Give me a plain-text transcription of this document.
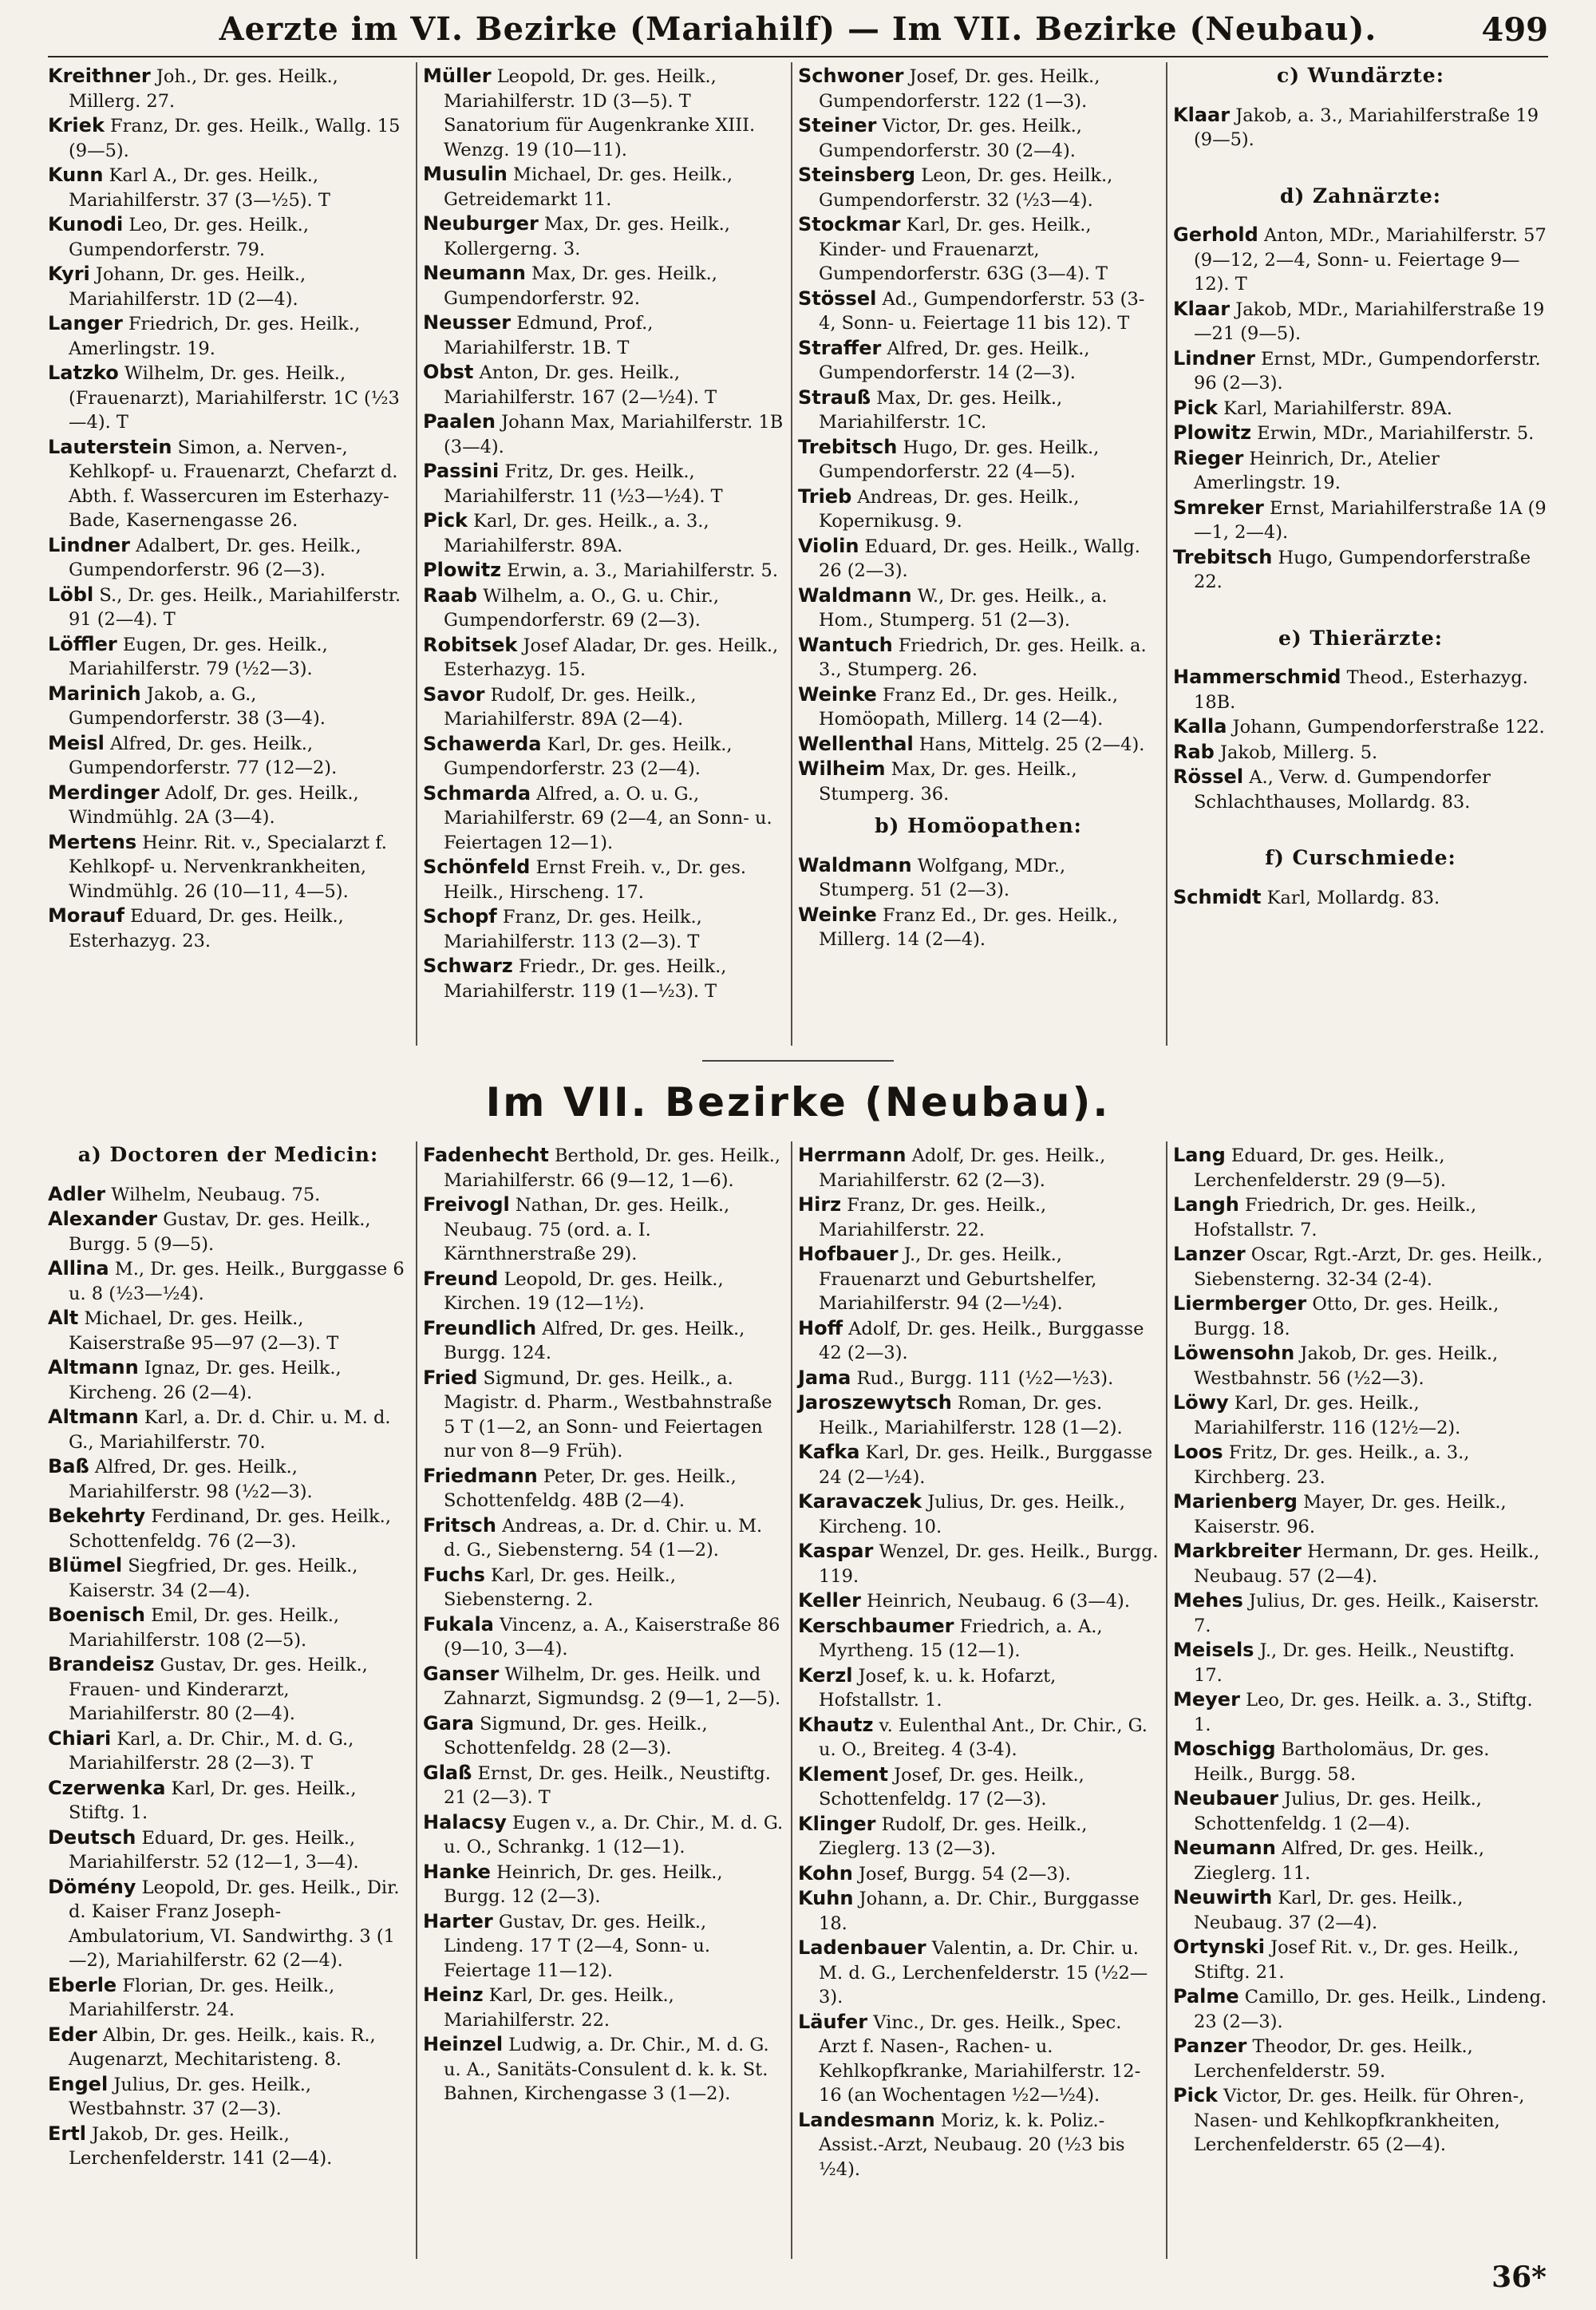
Aerzte im VI. Bezirke (Mariahilf) — Im VII. Bezirke (Neubau).	499

Kreithner Joh., Dr. ges. Heilk., Millerg. 27.

Kriek Franz, Dr. ges. Heilk., Wallg. 15 (9—5).

Kunn Karl A., Dr. ges. Heilk., Mariahilferstr. 37 (3—½5). T

Kunodi Leo, Dr. ges. Heilk., Gumpendorferstr. 79.

Kyri Johann, Dr. ges. Heilk., Mariahilferstr. 1D (2—4).

Langer Friedrich, Dr. ges. Heilk., Amerlingstr. 19.

Latzko Wilhelm, Dr. ges. Heilk., (Frauenarzt), Mariahilferstr. 1C (½3—4). T

Lauterstein Simon, a. Nerven-, Kehlkopf- u. Frauenarzt, Chefarzt d. Abth. f. Wassercuren im Esterhazy-Bade, Kasernengasse 26.

Lindner Adalbert, Dr. ges. Heilk., Gumpendorferstr. 96 (2—3).

Löbl S., Dr. ges. Heilk., Mariahilferstr. 91 (2—4). T

Löffler Eugen, Dr. ges. Heilk., Mariahilferstr. 79 (½2—3).

Marinich Jakob, a. G., Gumpendorferstr. 38 (3—4).

Meisl Alfred, Dr. ges. Heilk., Gumpendorferstr. 77 (12—2).

Merdinger Adolf, Dr. ges. Heilk., Windmühlg. 2A (3—4).

Mertens Heinr. Rit. v., Specialarzt f. Kehlkopf- u. Nervenkrankheiten, Windmühlg. 26 (10—11, 4—5).

Morauf Eduard, Dr. ges. Heilk., Esterhazyg. 23.

Müller Leopold, Dr. ges. Heilk., Mariahilferstr. 1D (3—5). T Sanatorium für Augenkranke XIII. Wenzg. 19 (10—11).

Musulin Michael, Dr. ges. Heilk., Getreidemarkt 11.

Neuburger Max, Dr. ges. Heilk., Kollergerng. 3.

Neumann Max, Dr. ges. Heilk., Gumpendorferstr. 92.

Neusser Edmund, Prof., Mariahilferstr. 1B. T

Obst Anton, Dr. ges. Heilk., Mariahilferstr. 167 (2—½4). T

Paalen Johann Max, Mariahilferstr. 1B (3—4).

Passini Fritz, Dr. ges. Heilk., Mariahilferstr. 11 (½3—½4). T

Pick Karl, Dr. ges. Heilk., a. 3., Mariahilferstr. 89A.

Plowitz Erwin, a. 3., Mariahilferstr. 5.

Raab Wilhelm, a. O., G. u. Chir., Gumpendorferstr. 69 (2—3).

Robitsek Josef Aladar, Dr. ges. Heilk., Esterhazyg. 15.

Savor Rudolf, Dr. ges. Heilk., Mariahilferstr. 89A (2—4).

Schawerda Karl, Dr. ges. Heilk., Gumpendorferstr. 23 (2—4).

Schmarda Alfred, a. O. u. G., Mariahilferstr. 69 (2—4, an Sonn- u. Feiertagen 12—1).

Schönfeld Ernst Freih. v., Dr. ges. Heilk., Hirscheng. 17.

Schopf Franz, Dr. ges. Heilk., Mariahilferstr. 113 (2—3). T

Schwarz Friedr., Dr. ges. Heilk., Mariahilferstr. 119 (1—½3). T

Schwoner Josef, Dr. ges. Heilk., Gumpendorferstr. 122 (1—3).

Steiner Victor, Dr. ges. Heilk., Gumpendorferstr. 30 (2—4).

Steinsberg Leon, Dr. ges. Heilk., Gumpendorferstr. 32 (½3—4).

Stockmar Karl, Dr. ges. Heilk., Kinder- und Frauenarzt, Gumpendorferstr. 63G (3—4). T

Stössel Ad., Gumpendorferstr. 53 (3-4, Sonn- u. Feiertage 11 bis 12). T

Straffer Alfred, Dr. ges. Heilk., Gumpendorferstr. 14 (2—3).

Strauß Max, Dr. ges. Heilk., Mariahilferstr. 1C.

Trebitsch Hugo, Dr. ges. Heilk., Gumpendorferstr. 22 (4—5).

Trieb Andreas, Dr. ges. Heilk., Kopernikusg. 9.

Violin Eduard, Dr. ges. Heilk., Wallg. 26 (2—3).

Waldmann W., Dr. ges. Heilk., a. Hom., Stumperg. 51 (2—3).

Wantuch Friedrich, Dr. ges. Heilk. a. 3., Stumperg. 26.

Weinke Franz Ed., Dr. ges. Heilk., Homöopath, Millerg. 14 (2—4).

Wellenthal Hans, Mittelg. 25 (2—4).

Wilheim Max, Dr. ges. Heilk., Stumperg. 36.

b) Homöopathen:

Waldmann Wolfgang, MDr., Stumperg. 51 (2—3).

Weinke Franz Ed., Dr. ges. Heilk., Millerg. 14 (2—4).

c) Wundärzte:

Klaar Jakob, a. 3., Mariahilferstraße 19 (9—5).

d) Zahnärzte:

Gerhold Anton, MDr., Mariahilferstr. 57 (9—12, 2—4, Sonn- u. Feiertage 9—12). T

Klaar Jakob, MDr., Mariahilferstraße 19—21 (9—5).

Lindner Ernst, MDr., Gumpendorferstr. 96 (2—3).

Pick Karl, Mariahilferstr. 89A.

Plowitz Erwin, MDr., Mariahilferstr. 5.

Rieger Heinrich, Dr., Atelier Amerlingstr. 19.

Smreker Ernst, Mariahilferstraße 1A (9—1, 2—4).

Trebitsch Hugo, Gumpendorferstraße 22.

e) Thierärzte:

Hammerschmid Theod., Esterhazyg. 18B.

Kalla Johann, Gumpendorferstraße 122.

Rab Jakob, Millerg. 5.

Rössel A., Verw. d. Gumpendorfer Schlachthauses, Mollardg. 83.

f) Curschmiede:

Schmidt Karl, Mollardg. 83.

Im VII. Bezirke (Neubau).
a) Doctoren der Medicin:

Adler Wilhelm, Neubaug. 75.

Alexander Gustav, Dr. ges. Heilk., Burgg. 5 (9—5).

Allina M., Dr. ges. Heilk., Burggasse 6 u. 8 (½3—½4).

Alt Michael, Dr. ges. Heilk., Kaiserstraße 95—97 (2—3). T

Altmann Ignaz, Dr. ges. Heilk., Kircheng. 26 (2—4).

Altmann Karl, a. Dr. d. Chir. u. M. d. G., Mariahilferstr. 70.

Baß Alfred, Dr. ges. Heilk., Mariahilferstr. 98 (½2—3).

Bekehrty Ferdinand, Dr. ges. Heilk., Schottenfeldg. 76 (2—3).

Blümel Siegfried, Dr. ges. Heilk., Kaiserstr. 34 (2—4).

Boenisch Emil, Dr. ges. Heilk., Mariahilferstr. 108 (2—5).

Brandeisz Gustav, Dr. ges. Heilk., Frauen- und Kinderarzt, Mariahilferstr. 80 (2—4).

Chiari Karl, a. Dr. Chir., M. d. G., Mariahilferstr. 28 (2—3). T

Czerwenka Karl, Dr. ges. Heilk., Stiftg. 1.

Deutsch Eduard, Dr. ges. Heilk., Mariahilferstr. 52 (12—1, 3—4).

Dömény Leopold, Dr. ges. Heilk., Dir. d. Kaiser Franz Joseph-Ambulatorium, VI. Sandwirthg. 3 (1—2), Mariahilferstr. 62 (2—4).

Eberle Florian, Dr. ges. Heilk., Mariahilferstr. 24.

Eder Albin, Dr. ges. Heilk., kais. R., Augenarzt, Mechitaristeng. 8.

Engel Julius, Dr. ges. Heilk., Westbahnstr. 37 (2—3).

Ertl Jakob, Dr. ges. Heilk., Lerchenfelderstr. 141 (2—4).

Fadenhecht Berthold, Dr. ges. Heilk., Mariahilferstr. 66 (9—12, 1—6).

Freivogl Nathan, Dr. ges. Heilk., Neubaug. 75 (ord. a. I. Kärnthnerstraße 29).

Freund Leopold, Dr. ges. Heilk., Kirchen. 19 (12—1½).

Freundlich Alfred, Dr. ges. Heilk., Burgg. 124.

Fried Sigmund, Dr. ges. Heilk., a. Magistr. d. Pharm., Westbahnstraße 5 T (1—2, an Sonn- und Feiertagen nur von 8—9 Früh).

Friedmann Peter, Dr. ges. Heilk., Schottenfeldg. 48B (2—4).

Fritsch Andreas, a. Dr. d. Chir. u. M. d. G., Siebensterng. 54 (1—2).

Fuchs Karl, Dr. ges. Heilk., Siebensterng. 2.

Fukala Vincenz, a. A., Kaiserstraße 86 (9—10, 3—4).

Ganser Wilhelm, Dr. ges. Heilk. und Zahnarzt, Sigmundsg. 2 (9—1, 2—5).

Gara Sigmund, Dr. ges. Heilk., Schottenfeldg. 28 (2—3).

Glaß Ernst, Dr. ges. Heilk., Neustiftg. 21 (2—3). T

Halacsy Eugen v., a. Dr. Chir., M. d. G. u. O., Schrankg. 1 (12—1).

Hanke Heinrich, Dr. ges. Heilk., Burgg. 12 (2—3).

Harter Gustav, Dr. ges. Heilk., Lindeng. 17 T (2—4, Sonn- u. Feiertage 11—12).

Heinz Karl, Dr. ges. Heilk., Mariahilferstr. 22.

Heinzel Ludwig, a. Dr. Chir., M. d. G. u. A., Sanitäts-Consulent d. k. k. St. Bahnen, Kirchengasse 3 (1—2).

Herrmann Adolf, Dr. ges. Heilk., Mariahilferstr. 62 (2—3).

Hirz Franz, Dr. ges. Heilk., Mariahilferstr. 22.

Hofbauer J., Dr. ges. Heilk., Frauenarzt und Geburtshelfer, Mariahilferstr. 94 (2—½4).

Hoff Adolf, Dr. ges. Heilk., Burggasse 42 (2—3).

Jama Rud., Burgg. 111 (½2—½3).

Jaroszewytsch Roman, Dr. ges. Heilk., Mariahilferstr. 128 (1—2).

Kafka Karl, Dr. ges. Heilk., Burggasse 24 (2—½4).

Karavaczek Julius, Dr. ges. Heilk., Kircheng. 10.

Kaspar Wenzel, Dr. ges. Heilk., Burgg. 119.

Keller Heinrich, Neubaug. 6 (3—4).

Kerschbaumer Friedrich, a. A., Myrtheng. 15 (12—1).

Kerzl Josef, k. u. k. Hofarzt, Hofstallstr. 1.

Khautz v. Eulenthal Ant., Dr. Chir., G. u. O., Breiteg. 4 (3-4).

Klement Josef, Dr. ges. Heilk., Schottenfeldg. 17 (2—3).

Klinger Rudolf, Dr. ges. Heilk., Zieglerg. 13 (2—3).

Kohn Josef, Burgg. 54 (2—3).

Kuhn Johann, a. Dr. Chir., Burggasse 18.

Ladenbauer Valentin, a. Dr. Chir. u. M. d. G., Lerchenfelderstr. 15 (½2—3).

Läufer Vinc., Dr. ges. Heilk., Spec. Arzt f. Nasen-, Rachen- u. Kehlkopfkranke, Mariahilferstr. 12-16 (an Wochentagen ½2—½4).

Landesmann Moriz, k. k. Poliz.-Assist.-Arzt, Neubaug. 20 (½3 bis ½4).

Lang Eduard, Dr. ges. Heilk., Lerchenfelderstr. 29 (9—5).

Langh Friedrich, Dr. ges. Heilk., Hofstallstr. 7.

Lanzer Oscar, Rgt.-Arzt, Dr. ges. Heilk., Siebensterng. 32-34 (2-4).

Liermberger Otto, Dr. ges. Heilk., Burgg. 18.

Löwensohn Jakob, Dr. ges. Heilk., Westbahnstr. 56 (½2—3).

Löwy Karl, Dr. ges. Heilk., Mariahilferstr. 116 (12½—2).

Loos Fritz, Dr. ges. Heilk., a. 3., Kirchberg. 23.

Marienberg Mayer, Dr. ges. Heilk., Kaiserstr. 96.

Markbreiter Hermann, Dr. ges. Heilk., Neubaug. 57 (2—4).

Mehes Julius, Dr. ges. Heilk., Kaiserstr. 7.

Meisels J., Dr. ges. Heilk., Neustiftg. 17.

Meyer Leo, Dr. ges. Heilk. a. 3., Stiftg. 1.

Moschigg Bartholomäus, Dr. ges. Heilk., Burgg. 58.

Neubauer Julius, Dr. ges. Heilk., Schottenfeldg. 1 (2—4).

Neumann Alfred, Dr. ges. Heilk., Zieglerg. 11.

Neuwirth Karl, Dr. ges. Heilk., Neubaug. 37 (2—4).

Ortynski Josef Rit. v., Dr. ges. Heilk., Stiftg. 21.

Palme Camillo, Dr. ges. Heilk., Lindeng. 23 (2—3).

Panzer Theodor, Dr. ges. Heilk., Lerchenfelderstr. 59.

Pick Victor, Dr. ges. Heilk. für Ohren-, Nasen- und Kehlkopfkrankheiten, Lerchenfelderstr. 65 (2—4).

36*
